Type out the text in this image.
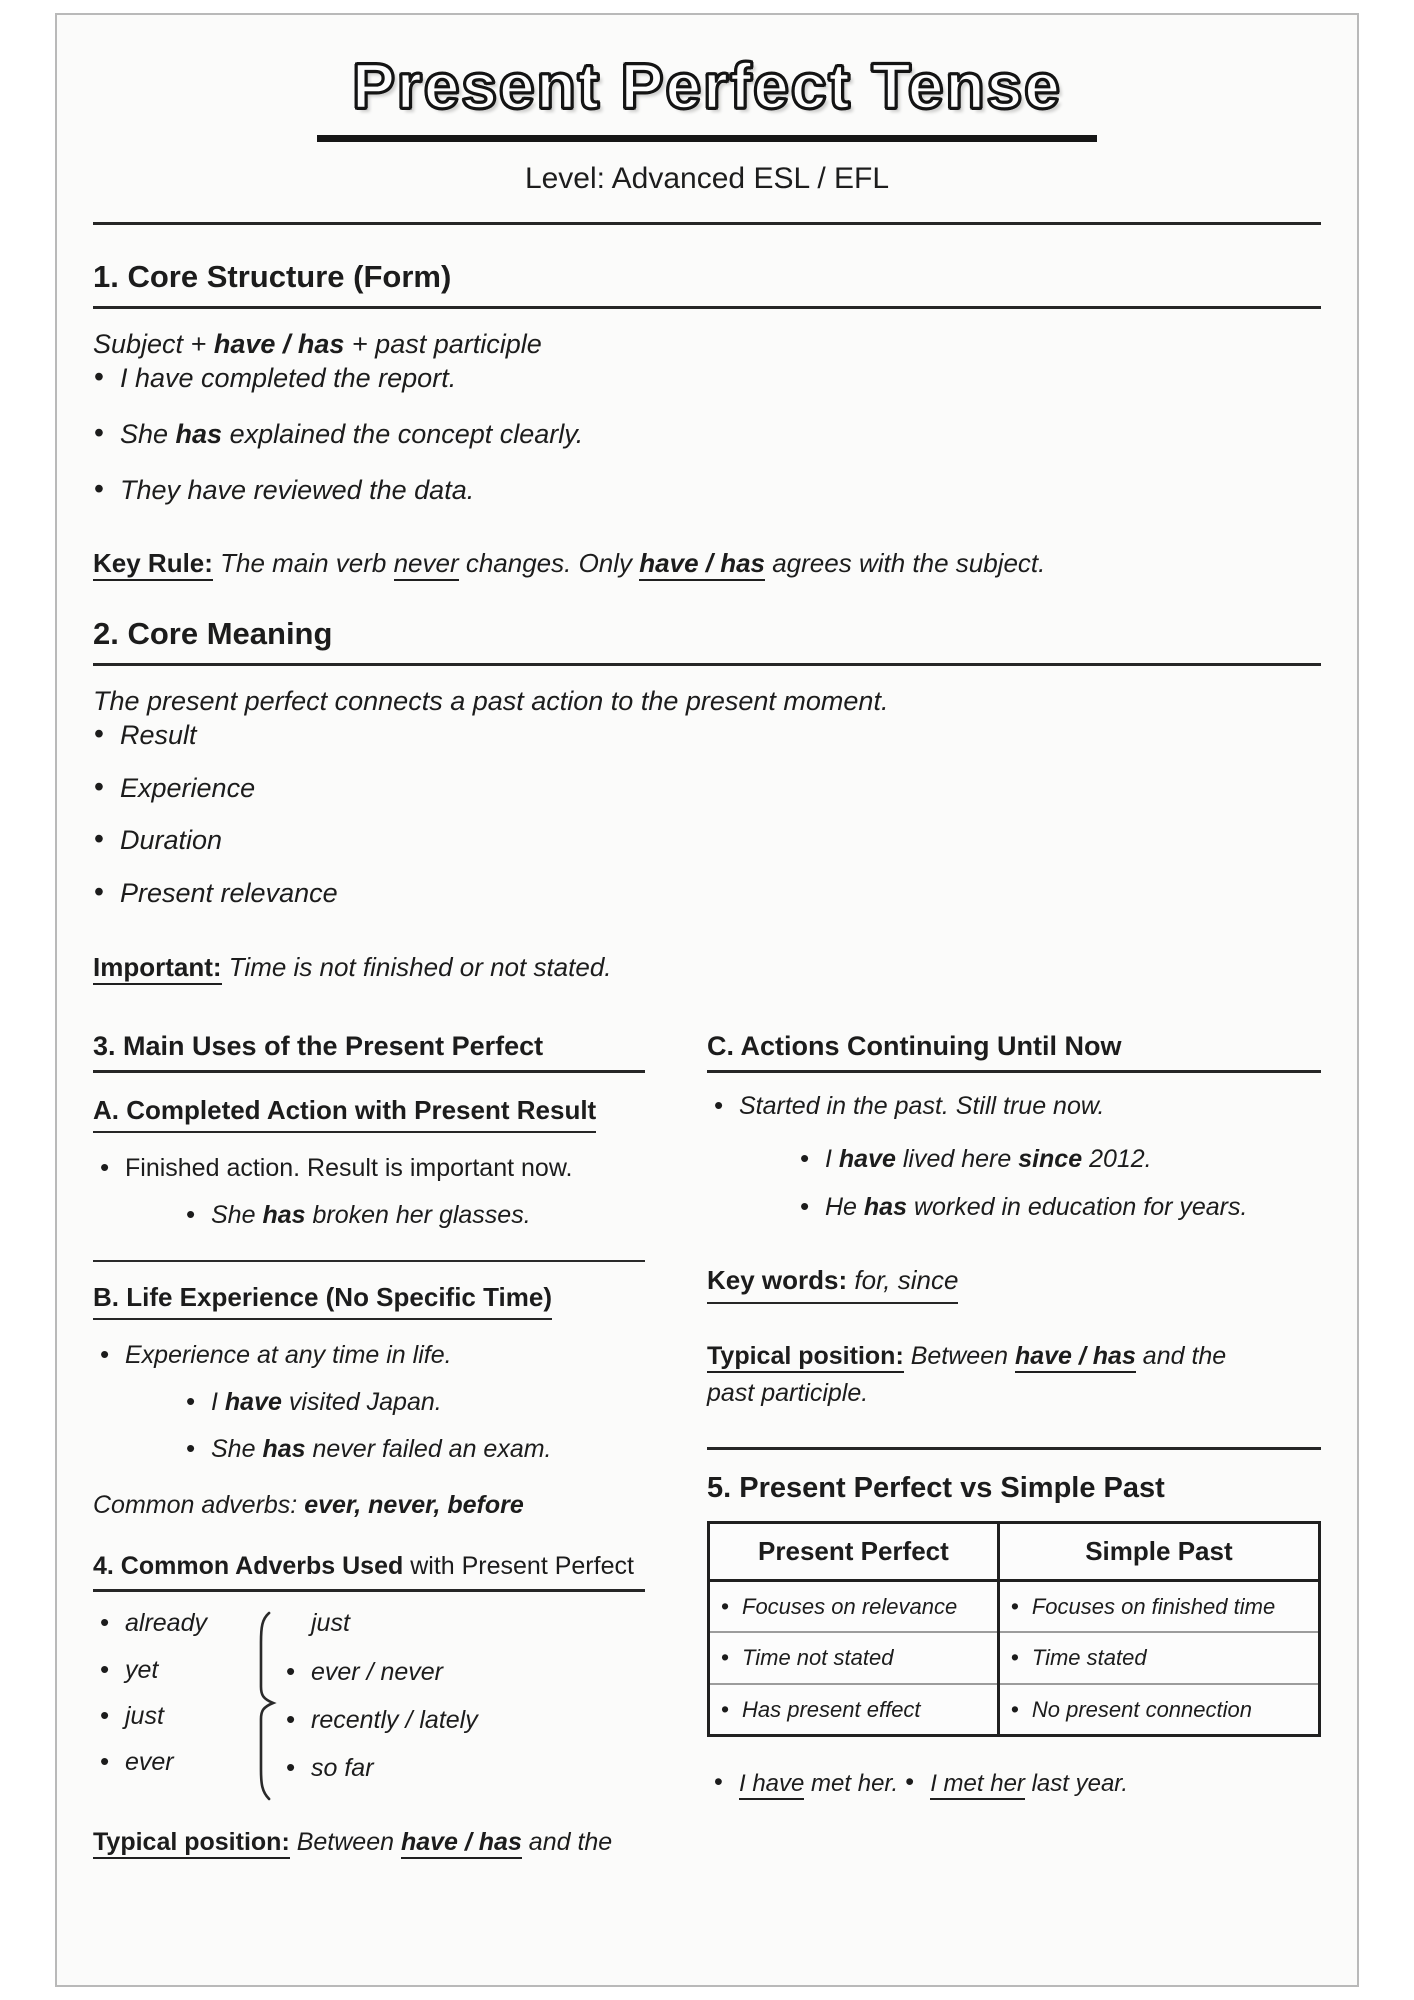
Present Perfect Tense
Level: Advanced ESL / EFL
1. Core Structure (Form)
Subject + have / has + past participle
• I have completed the report.
• She has explained the concept clearly.
• They have reviewed the data.
Key Rule: The main verb never changes. Only have / has agrees with the subject.
2. Core Meaning
The present perfect connects a past action to the present moment.
• Result
• Experience
• Duration
• Present relevance
Important: Time is not finished or not stated.
3. Main Uses of the Present Perfect
A. Completed Action with Present Result
• Finished action. Result is important now.
• She has broken her glasses.
B. Life Experience (No Specific Time)
• Experience at any time in life.
• I have visited Japan.
• She has never failed an exam.
Common adverbs: ever, never, before
4. Common Adverbs Used with Present Perfect
• already
• yet
• just
• ever
just
• ever / never
• recently / lately
• so far
Typical position: Between have / has and the
C. Actions Continuing Until Now
• Started in the past. Still true now.
• I have lived here since 2012.
• He has worked in education for years.
Key words: for, since
Typical position: Between have / has and the past participle.
5. Present Perfect vs Simple Past
Present Perfect	Simple Past

• Focuses on relevance	• Focuses on finished time

• Time not stated	• Time stated

• Has present effect	• No present connection
• I have met her.	• I met her last year.
